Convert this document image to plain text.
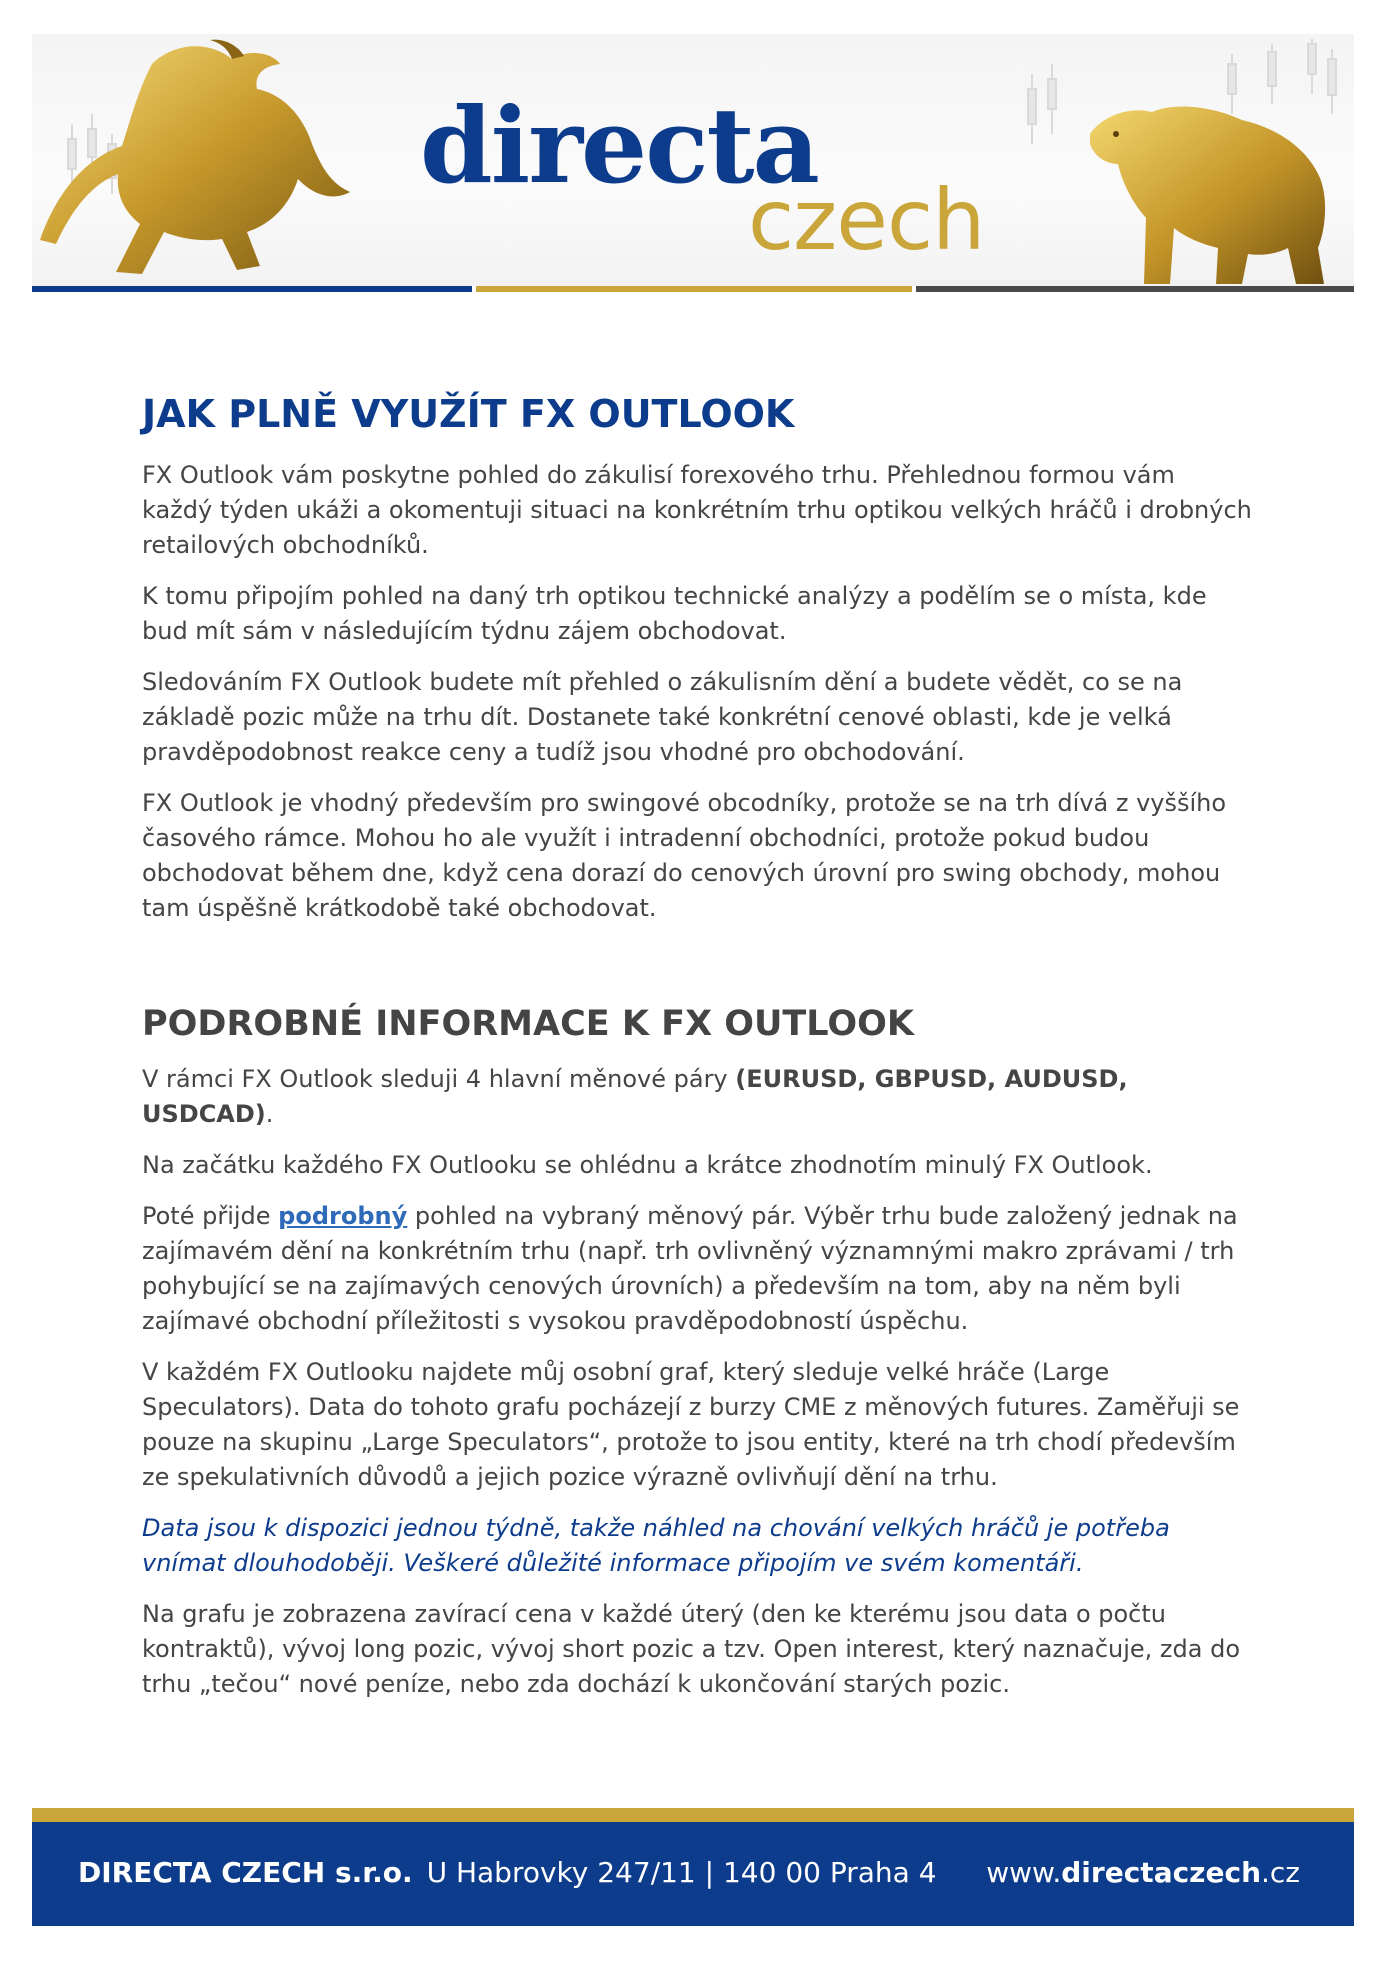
directa
czech
JAK PLNĚ VYUŽÍT FX OUTLOOK

FX Outlook vám poskytne pohled do zákulisí forexového trhu. Přehlednou formou vám každý týden ukáži a okomentuji situaci na konkrétním trhu optikou velkých hráčů i drobných retailových obchodníků.

K tomu připojím pohled na daný trh optikou technické analýzy a podělím se o místa, kde bud mít sám v následujícím týdnu zájem obchodovat.

Sledováním FX Outlook budete mít přehled o zákulisním dění a budete vědět, co se na základě pozic může na trhu dít. Dostanete také konkrétní cenové oblasti, kde je velká pravděpodobnost reakce ceny a tudíž jsou vhodné pro obchodování.

FX Outlook je vhodný především pro swingové obcodníky, protože se na trh dívá z vyššího časového rámce. Mohou ho ale využít i intradenní obchodníci, protože pokud budou obchodovat během dne, když cena dorazí do cenových úrovní pro swing obchody, mohou tam úspěšně krátkodobě také obchodovat.

PODROBNÉ INFORMACE K FX OUTLOOK

V rámci FX Outlook sleduji 4 hlavní měnové páry (EURUSD, GBPUSD, AUDUSD, USDCAD).

Na začátku každého FX Outlooku se ohlédnu a krátce zhodnotím minulý FX Outlook.

Poté přijde podrobný pohled na vybraný měnový pár. Výběr trhu bude založený jednak na zajímavém dění na konkrétním trhu (např. trh ovlivněný významnými makro zprávami / trh pohybující se na zajímavých cenových úrovních) a především na tom, aby na něm byli zajímavé obchodní příležitosti s vysokou pravděpodobností úspěchu.

V každém FX Outlooku najdete můj osobní graf, který sleduje velké hráče (Large Speculators). Data do tohoto grafu pocházejí z burzy CME z měnových futures. Zaměřuji se pouze na skupinu „Large Speculators“, protože to jsou entity, které na trh chodí především ze spekulativních důvodů a jejich pozice výrazně ovlivňují dění na trhu.

Data jsou k dispozici jednou týdně, takže náhled na chování velkých hráčů je potřeba vnímat dlouhodoběji. Veškeré důležité informace připojím ve svém komentáři.

Na grafu je zobrazena zavírací cena v každé úterý (den ke kterému jsou data o počtu kontraktů), vývoj long pozic, vývoj short pozic a tzv. Open interest, který naznačuje, zda do trhu „tečou“ nové peníze, nebo zda dochází k ukončování starých pozic.

DIRECTA CZECH s.r.o. U Habrovky 247/11 | 140 00 Praha 4 www.directaczech.cz
